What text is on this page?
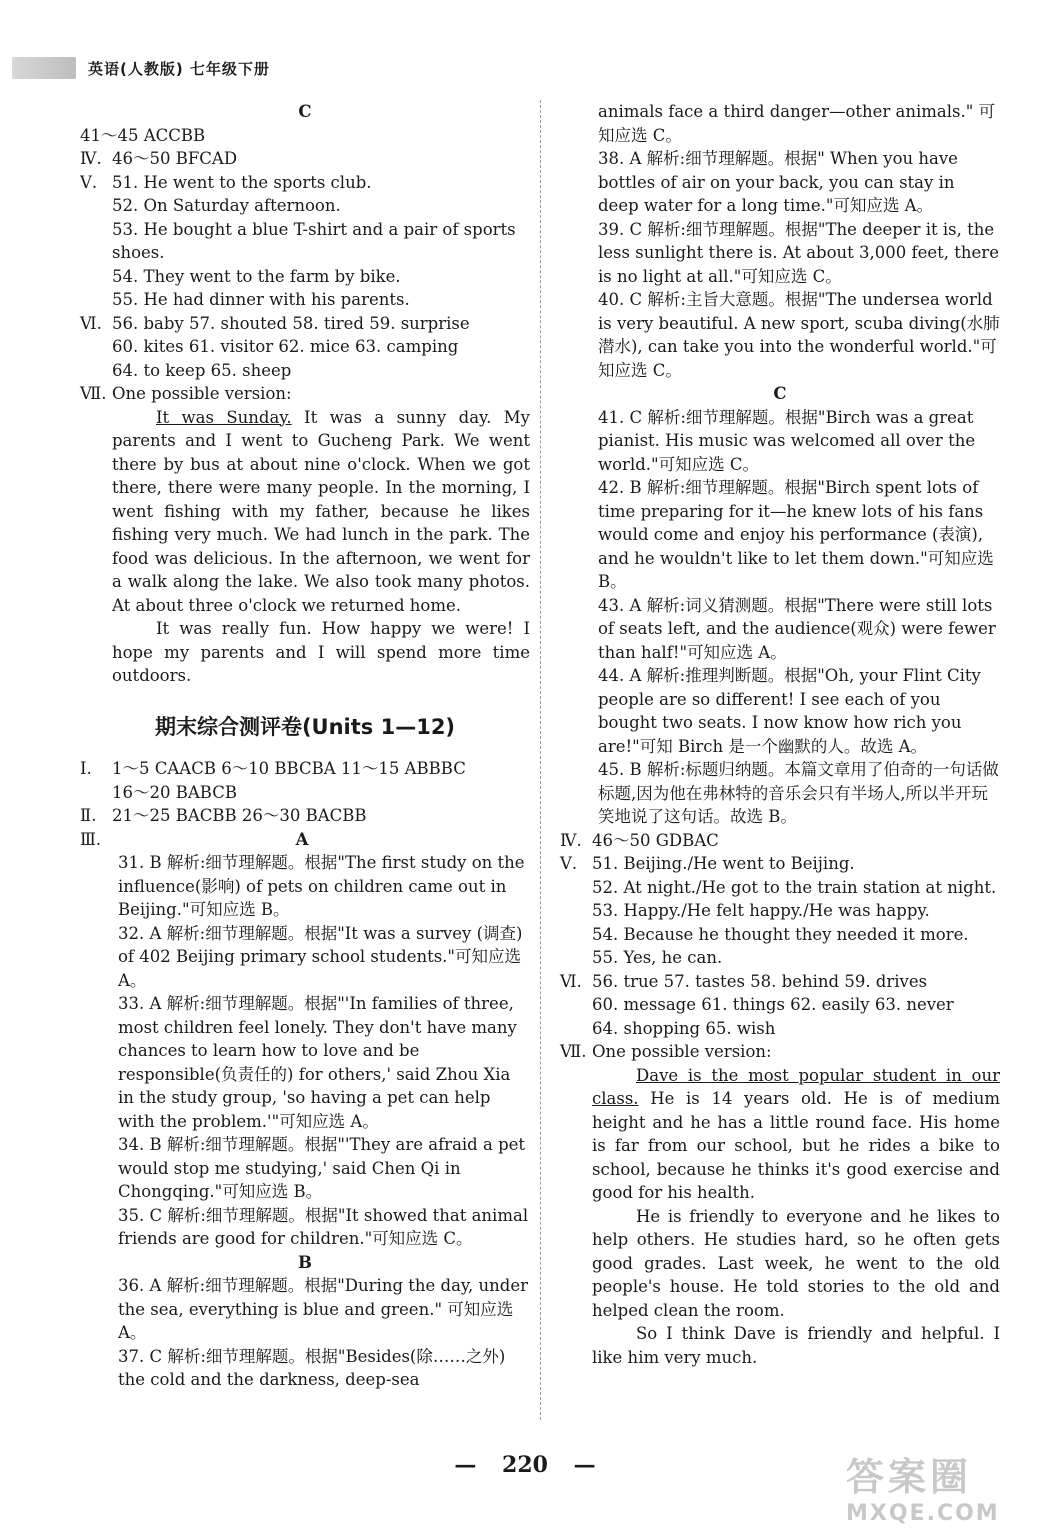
英语(人教版) 七年级下册
C
41～45 ACCBB
Ⅳ. 46～50 BFCAD
Ⅴ. 51. He went to the sports club.
52. On Saturday afternoon.
53. He bought a blue T-shirt and a pair of sports shoes.
54. They went to the farm by bike.
55. He had dinner with his parents.
Ⅵ. 56. baby 57. shouted 58. tired 59. surprise
60. kites 61. visitor 62. mice 63. camping
64. to keep 65. sheep
Ⅶ. One possible version:
It was Sunday. It was a sunny day. My parents and I went to Gucheng Park. We went there by bus at about nine o'clock. When we got there, there were many people. In the morning, I went fishing with my father, because he likes fishing very much. We had lunch in the park. The food was delicious. In the afternoon, we went for a walk along the lake. We also took many photos. At about three o'clock we returned home.
It was really fun. How happy we were! I hope my parents and I will spend more time outdoors.
期末综合测评卷(Units 1—12)
Ⅰ. 1～5 CAACB 6～10 BBCBA 11～15 ABBBC
16～20 BABCB
Ⅱ. 21～25 BACBB 26～30 BACBB
Ⅲ.	A
31. B 解析:细节理解题。根据"The first study on the influence(影响) of pets on children came out in Beijing."可知应选 B。
32. A 解析:细节理解题。根据"It was a survey (调查) of 402 Beijing primary school students."可知应选 A。
33. A 解析:细节理解题。根据"'In families of three, most children feel lonely. They don't have many chances to learn how to love and be responsible(负责任的) for others,' said Zhou Xia in the study group, 'so having a pet can help with the problem.'"可知应选 A。
34. B 解析:细节理解题。根据"'They are afraid a pet would stop me studying,' said Chen Qi in Chongqing."可知应选 B。
35. C 解析:细节理解题。根据"It showed that animal friends are good for children."可知应选 C。
B
36. A 解析:细节理解题。根据"During the day, under the sea, everything is blue and green." 可知应选 A。
37. C 解析:细节理解题。根据"Besides(除……之外) the cold and the darkness, deep-sea
animals face a third danger—other animals." 可知应选 C。
38. A 解析:细节理解题。根据" When you have bottles of air on your back, you can stay in deep water for a long time."可知应选 A。
39. C 解析:细节理解题。根据"The deeper it is, the less sunlight there is. At about 3,000 feet, there is no light at all."可知应选 C。
40. C 解析:主旨大意题。根据"The undersea world is very beautiful. A new sport, scuba diving(水肺潜水), can take you into the wonderful world."可知应选 C。
C
41. C 解析:细节理解题。根据"Birch was a great pianist. His music was welcomed all over the world."可知应选 C。
42. B 解析:细节理解题。根据"Birch spent lots of time preparing for it—he knew lots of his fans would come and enjoy his performance (表演), and he wouldn't like to let them down."可知应选 B。
43. A 解析:词义猜测题。根据"There were still lots of seats left, and the audience(观众) were fewer than half!"可知应选 A。
44. A 解析:推理判断题。根据"Oh, your Flint City people are so different! I see each of you bought two seats. I now know how rich you are!"可知 Birch 是一个幽默的人。故选 A。
45. B 解析:标题归纳题。本篇文章用了伯奇的一句话做标题,因为他在弗林特的音乐会只有半场人,所以半开玩笑地说了这句话。故选 B。
Ⅳ. 46～50 GDBAC
Ⅴ. 51. Beijing./He went to Beijing.
52. At night./He got to the train station at night.
53. Happy./He felt happy./He was happy.
54. Because he thought they needed it more.
55. Yes, he can.
Ⅵ. 56. true 57. tastes 58. behind 59. drives
60. message 61. things 62. easily 63. never
64. shopping 65. wish
Ⅶ. One possible version:
Dave is the most popular student in our class. He is 14 years old. He is of medium height and he has a little round face. His home is far from our school, but he rides a bike to school, because he thinks it's good exercise and good for his health.
He is friendly to everyone and he likes to help others. He studies hard, so he often gets good grades. Last week, he went to the old people's house. He told stories to the old and helped clean the room.
So I think Dave is friendly and helpful. I like him very much.
— 220 —	答案圈
MXQE.COM
